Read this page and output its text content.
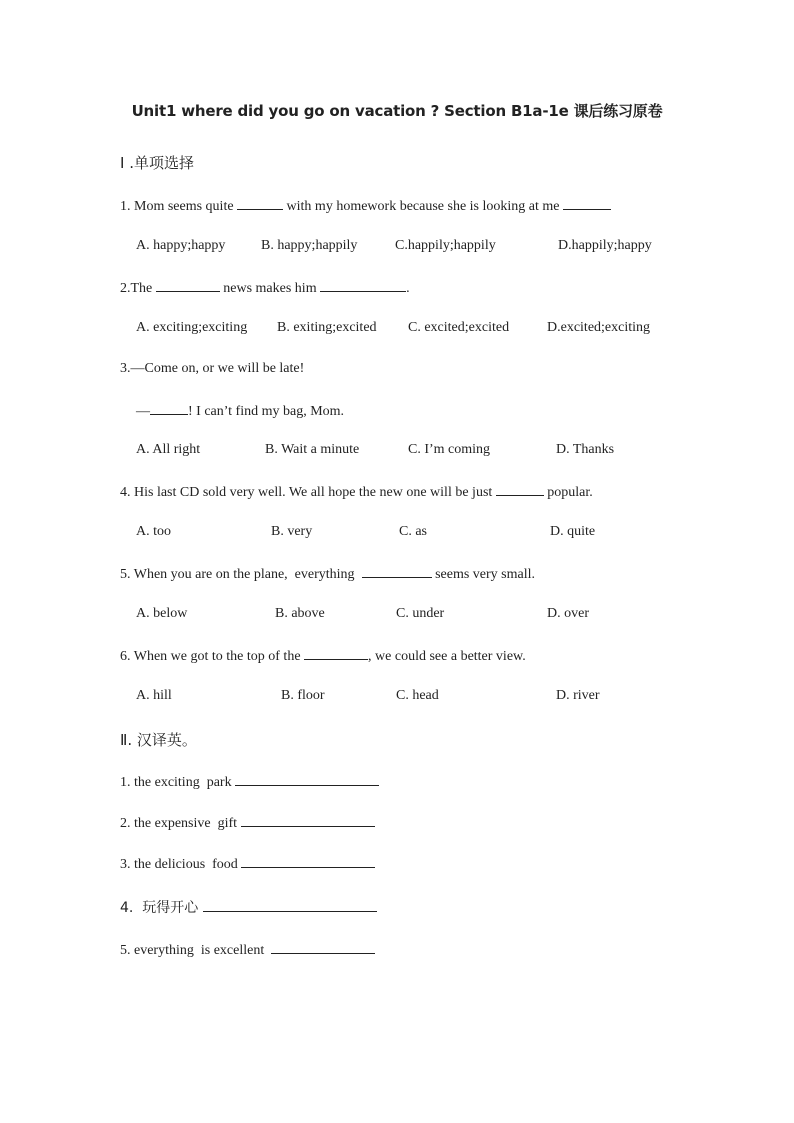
Unit1 where did you go on vacation ? Section B1a-1e 课后练习原卷
Ⅰ .单项选择
1. Mom seems quite	with my homework because she is looking at me
A. happy;happy	B. happy;happily	C.happily;happily	D.happily;happy
2.The	news makes him	.
A. exciting;exciting B. exiting;excited C. excited;excited	D.excited;exciting
3.—Come on, or we will be late!
—	! I can’t find my bag, Mom.
A. All right	B. Wait a minute	C. I’m coming	D. Thanks
4. His last CD sold very well. We all hope the new one will be just	popular.
A. too	B. very	C. as	D. quite
5. When you are on the plane,  everything	seems very small.
A. below	B. above	C. under	D. over
6. When we got to the top of the	, we could see a better view.
A. hill	B. floor	C. head	D. river
Ⅱ. 汉译英。
1. the exciting  park
2. the expensive  gift
3. the delicious  food
4.  玩得开心
5. everything  is excellent
